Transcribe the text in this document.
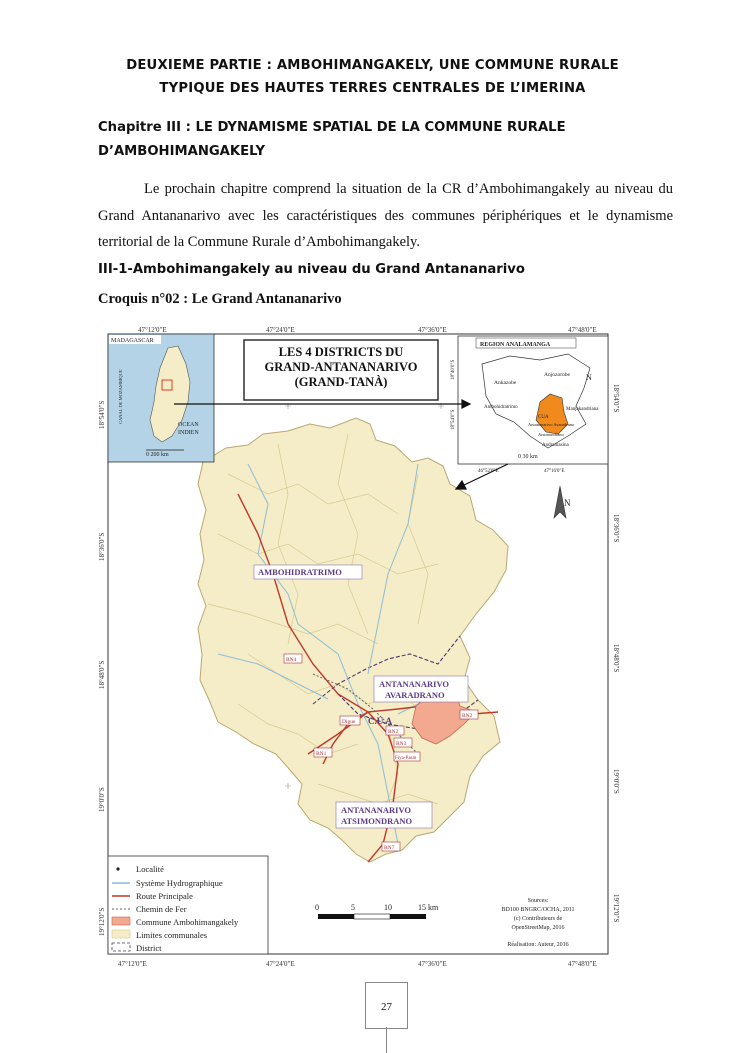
DEUXIEME PARTIE : AMBOHIMANGAKELY, UNE COMMUNE RURALE
TYPIQUE DES HAUTES TERRES CENTRALES DE L’IMERINA
Chapitre III : LE DYNAMISME SPATIAL DE LA COMMUNE RURALE
D’AMBOHIMANGAKELY
Le prochain chapitre comprend la situation de la CR d’Ambohimangakely au niveau du Grand Antananarivo avec les caractéristiques des communes périphériques et le dynamisme territorial de la Commune Rurale d’Ambohimangakely.
III-1-Ambohimangakely au niveau du Grand Antananarivo
Croquis n°02 : Le Grand Antananarivo
47°12'0"E	47°24'0"E	47°36'0"E	47°48'0"E
47°12'0"E	47°24'0"E	47°36'0"E	47°48'0"E
18°54'0"S
18°36'0"S
18°48'0"S
19°0'0"S
19°12'0"S
18°54'0"S
18°36'0"S
18°48'0"S
19°0'0"S
19°12'0"S
RN4
RN2
RN2
RN7
RN1
Digue
Fiya-Pasm
RN3
AMBOHIDRATRIMO
ANTANANARIVO
AVARADRANO
C.U.A
ANTANANARIVO
ATSIMONDRANO
MADAGASCAR
CANAL DE MOZAMBIQUE
OCEAN
INDIEN
0 200 km
LES 4 DISTRICTS DU
GRAND-ANTANANARIVO
(GRAND-TANÀ)
REGION ANALAMANGA
Ankazobe
Anjozorobe
Ambohidratrimo	Manjakandriana
Andramasina
CUA
Antananarivo Avaradrano
Atsimondrano
18°40'0"S
18°54'0"S
46°52'0"E	47°16'0"E
0 30 km
N
N
Localité
Système Hydrographique
Route Principale
Chemin de Fer
Commune Ambohimangakely
Limites communales
District
0	5	10	15 km
Sources:
BD100 BNGRC/OCHA, 2011
(c) Contributeurs de
OpenStreetMap, 2016
Réalisation: Auteur, 2016
27
